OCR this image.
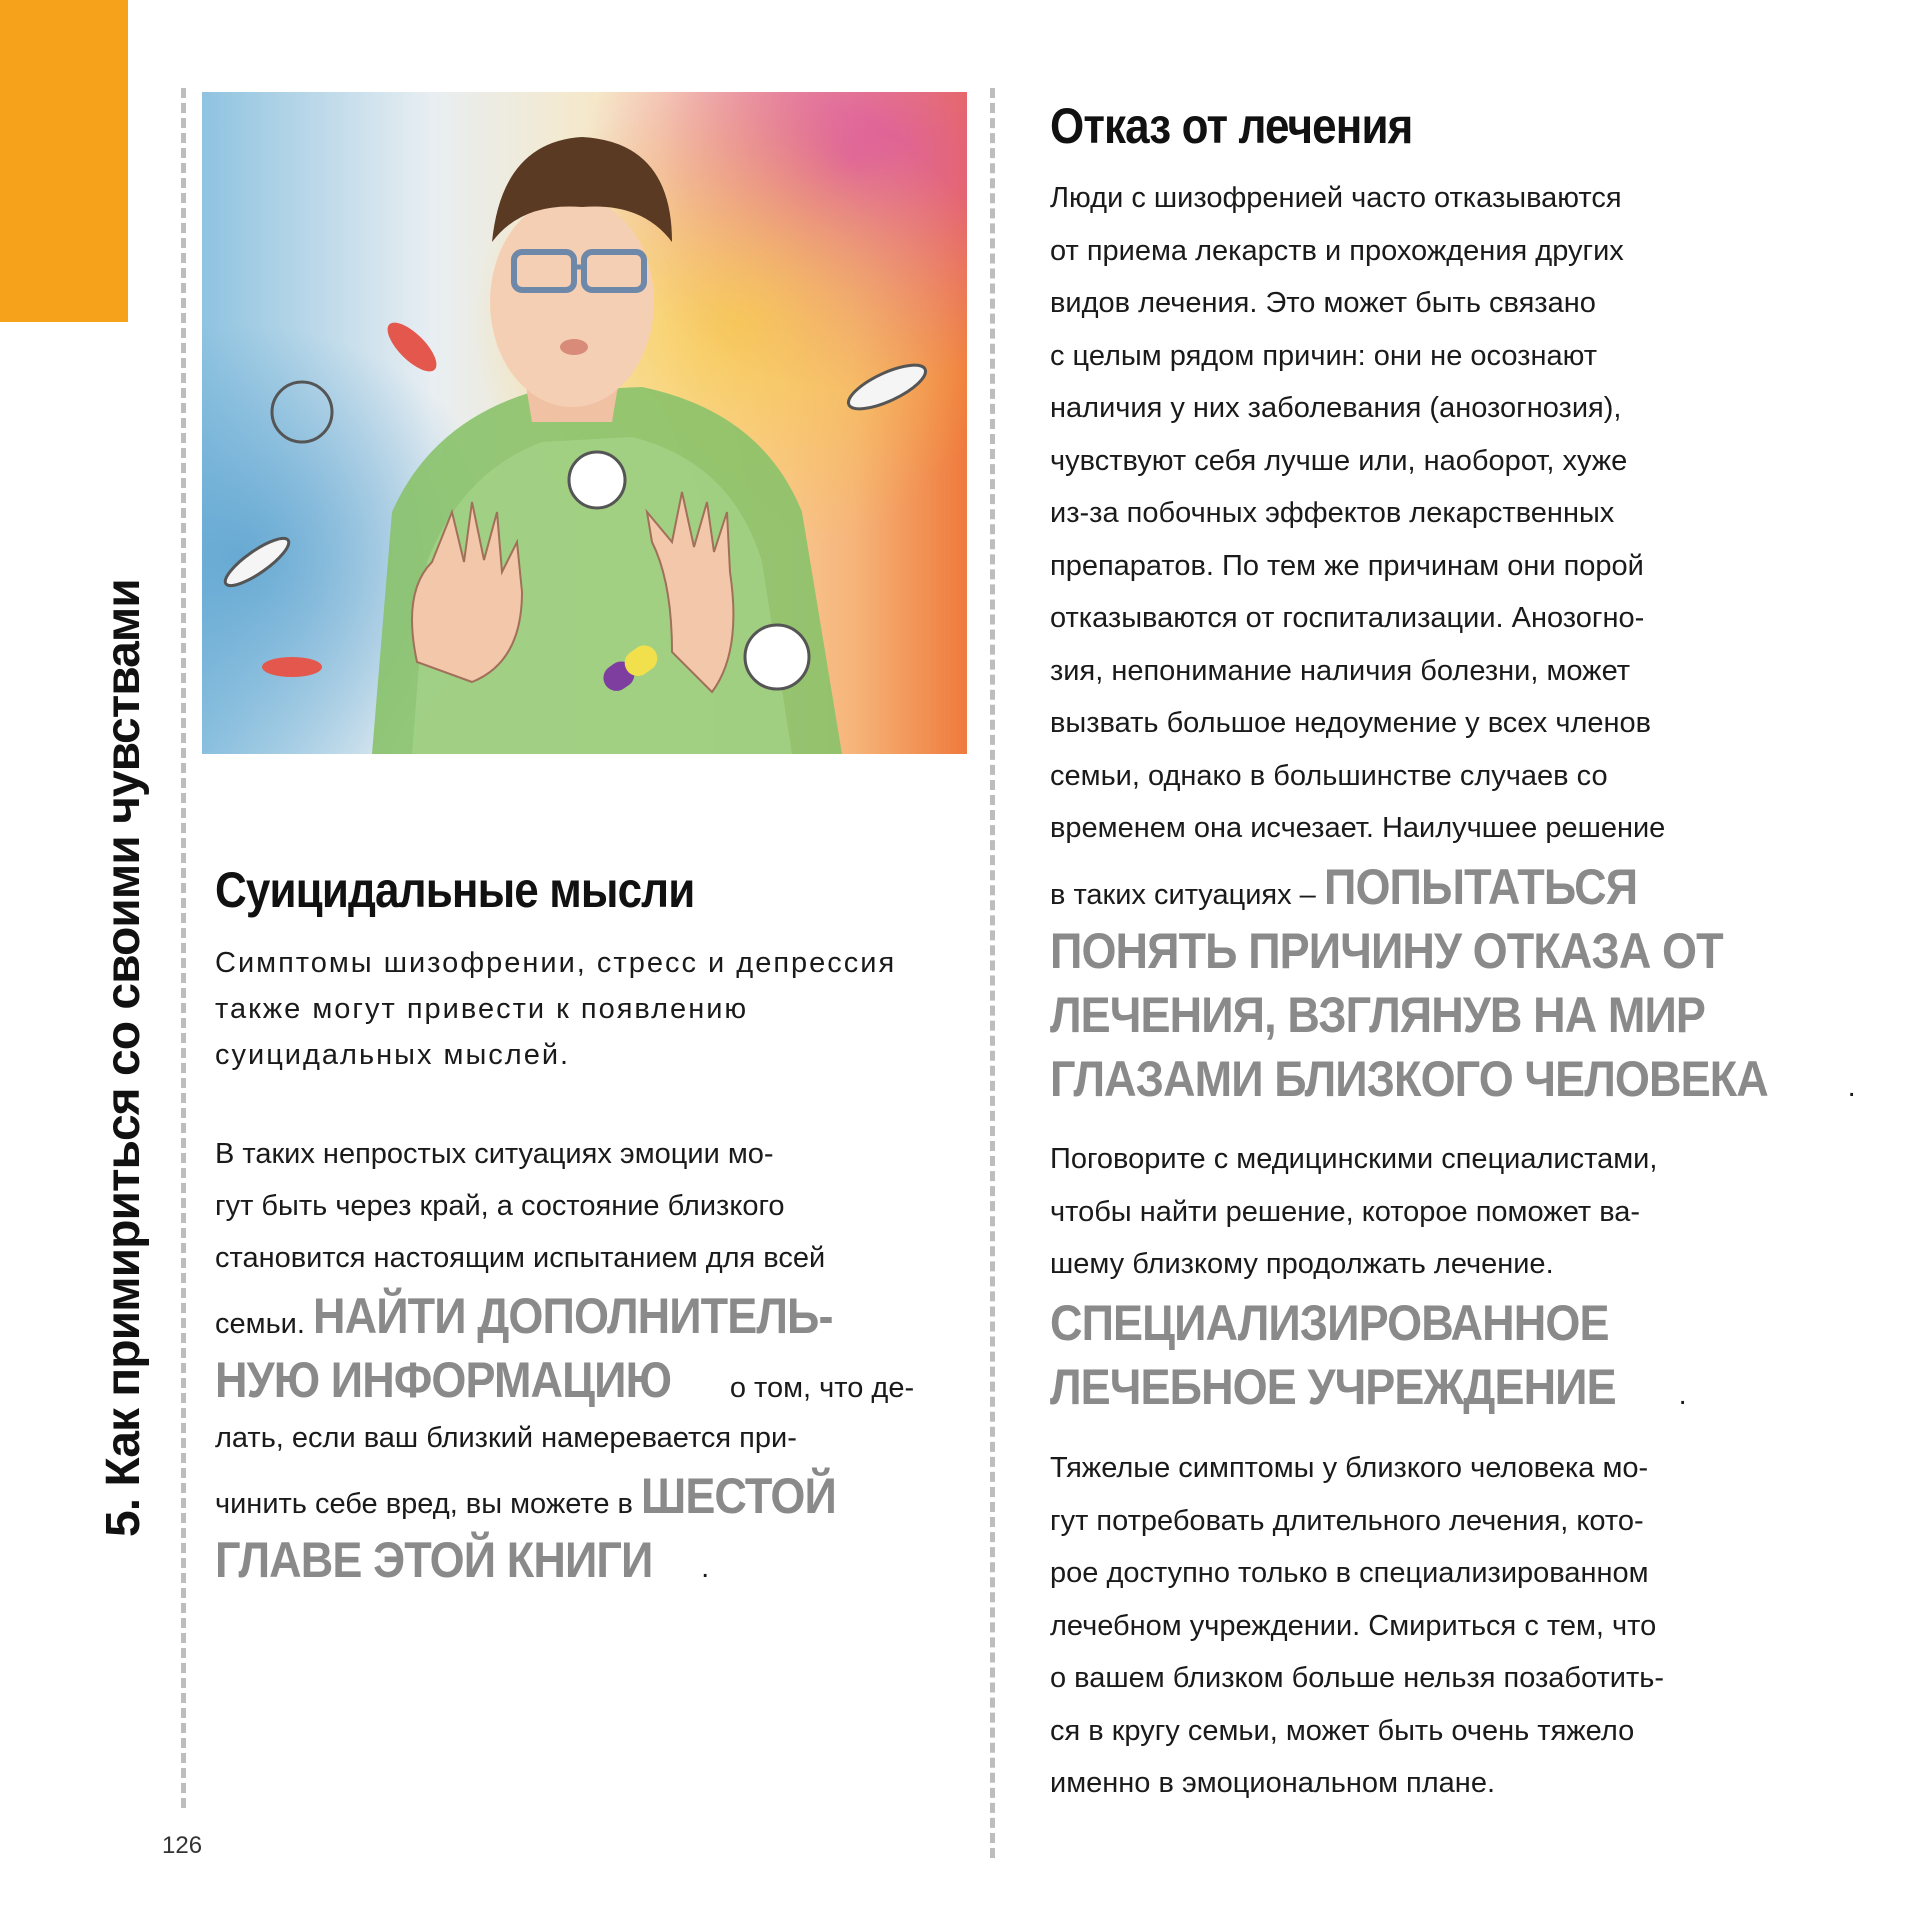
5. Как примириться со своими чувствами Суицидальные мысли

Симптомы шизофрении, стресс и депрессия также могут привести к появлению суицидальных мыслей.

В таких непростых ситуациях эмоции мо-
гут быть через край, а состояние близкого
становится настоящим испытанием для всей
семьи. НАЙТИ ДОПОЛНИТЕЛЬ-
НУЮ ИНФОРМАЦИЮ о том, что де-
лать, если ваш близкий намеревается при-
чинить себе вред, вы можете в ШЕСТОЙ
ГЛАВЕ ЭТОЙ КНИГИ .
Отказ от лечения
Люди с шизофренией часто отказываются
от приема лекарств и прохождения других
видов лечения. Это может быть связано
с целым рядом причин: они не осознают
наличия у них заболевания (анозогнозия),
чувствуют себя лучше или, наоборот, хуже
из-за побочных эффектов лекарственных
препаратов. По тем же причинам они порой
отказываются от госпитализации. Анозогно-
зия, непонимание наличия болезни, может
вызвать большое недоумение у всех членов
семьи, однако в большинстве случаев со
временем она исчезает. Наилучшее решение
в таких ситуациях – ПОПЫТАТЬСЯ
ПОНЯТЬ ПРИЧИНУ ОТКАЗА ОТ
ЛЕЧЕНИЯ, ВЗГЛЯНУВ НА МИР
ГЛАЗАМИ БЛИЗКОГО ЧЕЛОВЕКА	.
Поговорите с медицинскими специалистами,
чтобы найти решение, которое поможет ва-
шему близкому продолжать лечение.
СПЕЦИАЛИЗИРОВАННОЕ
ЛЕЧЕБНОЕ УЧРЕЖДЕНИЕ .
Тяжелые симптомы у близкого человека мо-
гут потребовать длительного лечения, кото-
рое доступно только в специализированном
лечебном учреждении. Смириться с тем, что
о вашем близком больше нельзя позаботить-
ся в кругу семьи, может быть очень тяжело
именно в эмоциональном плане.
126
